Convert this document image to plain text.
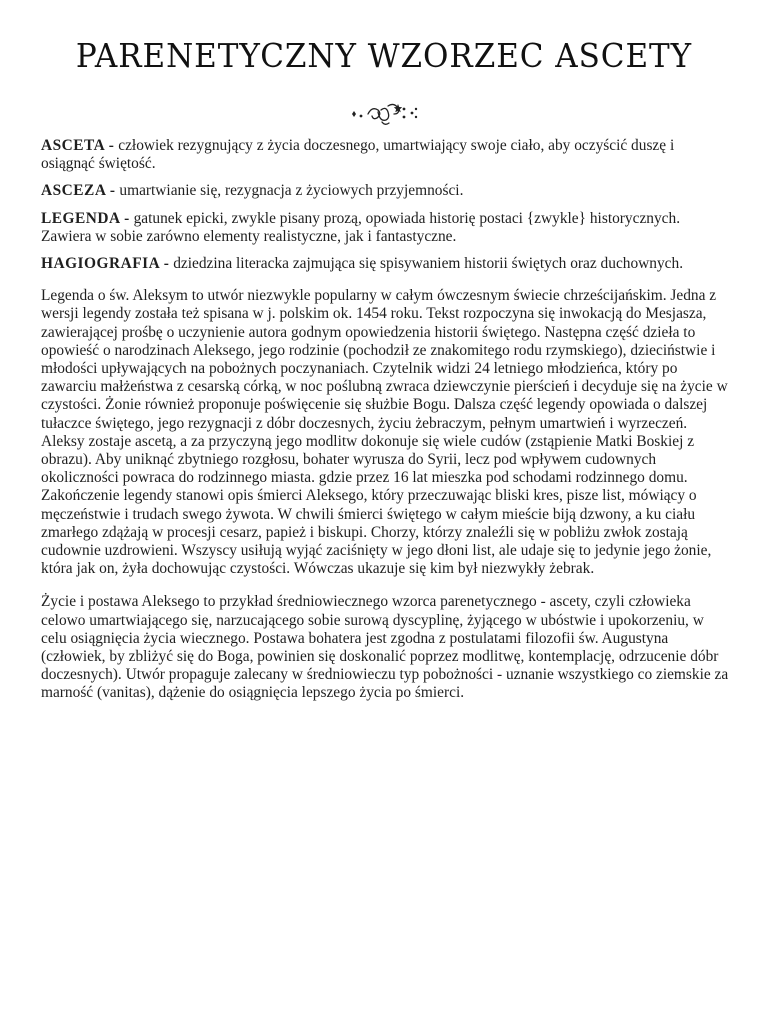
PARENETYCZNY WZORZEC ASCETY

ASCETA - człowiek rezygnujący z życia doczesnego, umartwiający swoje ciało, aby oczyścić duszę i osiągnąć świętość.

ASCEZA - umartwianie się, rezygnacja z życiowych przyjemności.

LEGENDA - gatunek epicki, zwykle pisany prozą, opowiada historię postaci {zwykle} historycznych. Zawiera w sobie zarówno elementy realistyczne, jak i fantastyczne.

HAGIOGRAFIA - dziedzina literacka zajmująca się spisywaniem historii świętych oraz duchownych.

Legenda o św. Aleksym to utwór niezwykle popularny w całym ówczesnym świecie chrześcijańskim. Jedna z wersji legendy została też spisana w j. polskim ok. 1454 roku. Tekst rozpoczyna się inwokacją do Mesjasza, zawierającej prośbę o uczynienie autora godnym opowiedzenia historii świętego. Następna część dzieła to opowieść o narodzinach Aleksego, jego rodzinie (pochodził ze znakomitego rodu rzymskiego), dzieciństwie i młodości upływających na pobożnych poczynaniach. Czytelnik widzi 24 letniego młodzieńca, który po zawarciu małżeństwa z cesarską córką, w noc poślubną zwraca dziewczynie pierścień i decyduje się na życie w czystości. Żonie również proponuje poświęcenie się służbie Bogu. Dalsza część legendy opowiada o dalszej tułaczce świętego, jego rezygnacji z dóbr doczesnych, życiu żebraczym, pełnym umartwień i wyrzeczeń. Aleksy zostaje ascetą, a za przyczyną jego modlitw dokonuje się wiele cudów (zstąpienie Matki Boskiej z obrazu). Aby uniknąć zbytniego rozgłosu, bohater wyrusza do Syrii, lecz pod wpływem cudownych okoliczności powraca do rodzinnego miasta. gdzie przez 16 lat mieszka pod schodami rodzinnego domu. Zakończenie legendy stanowi opis śmierci Aleksego, który przeczuwając bliski kres, pisze list, mówiący o męczeństwie i trudach swego żywota. W chwili śmierci świętego w całym mieście biją dzwony, a ku ciału zmarłego zdążają w procesji cesarz, papież i biskupi. Chorzy, którzy znaleźli się w pobliżu zwłok zostają cudownie uzdrowieni. Wszyscy usiłują wyjąć zaciśnięty w jego dłoni list, ale udaje się to jedynie jego żonie, która jak on, żyła dochowując czystości. Wówczas ukazuje się kim był niezwykły żebrak.

Życie i postawa Aleksego to przykład średniowiecznego wzorca parenetycznego - ascety, czyli człowieka celowo umartwiającego się, narzucającego sobie surową dyscyplinę, żyjącego w ubóstwie i upokorzeniu, w celu osiągnięcia życia wiecznego. Postawa bohatera jest zgodna z postulatami filozofii św. Augustyna (człowiek, by zbliżyć się do Boga, powinien się doskonalić poprzez modlitwę, kontemplację, odrzucenie dóbr doczesnych). Utwór propaguje zalecany w średniowieczu typ pobożności - uznanie wszystkiego co ziemskie za marność (vanitas), dążenie do osiągnięcia lepszego życia po śmierci.
